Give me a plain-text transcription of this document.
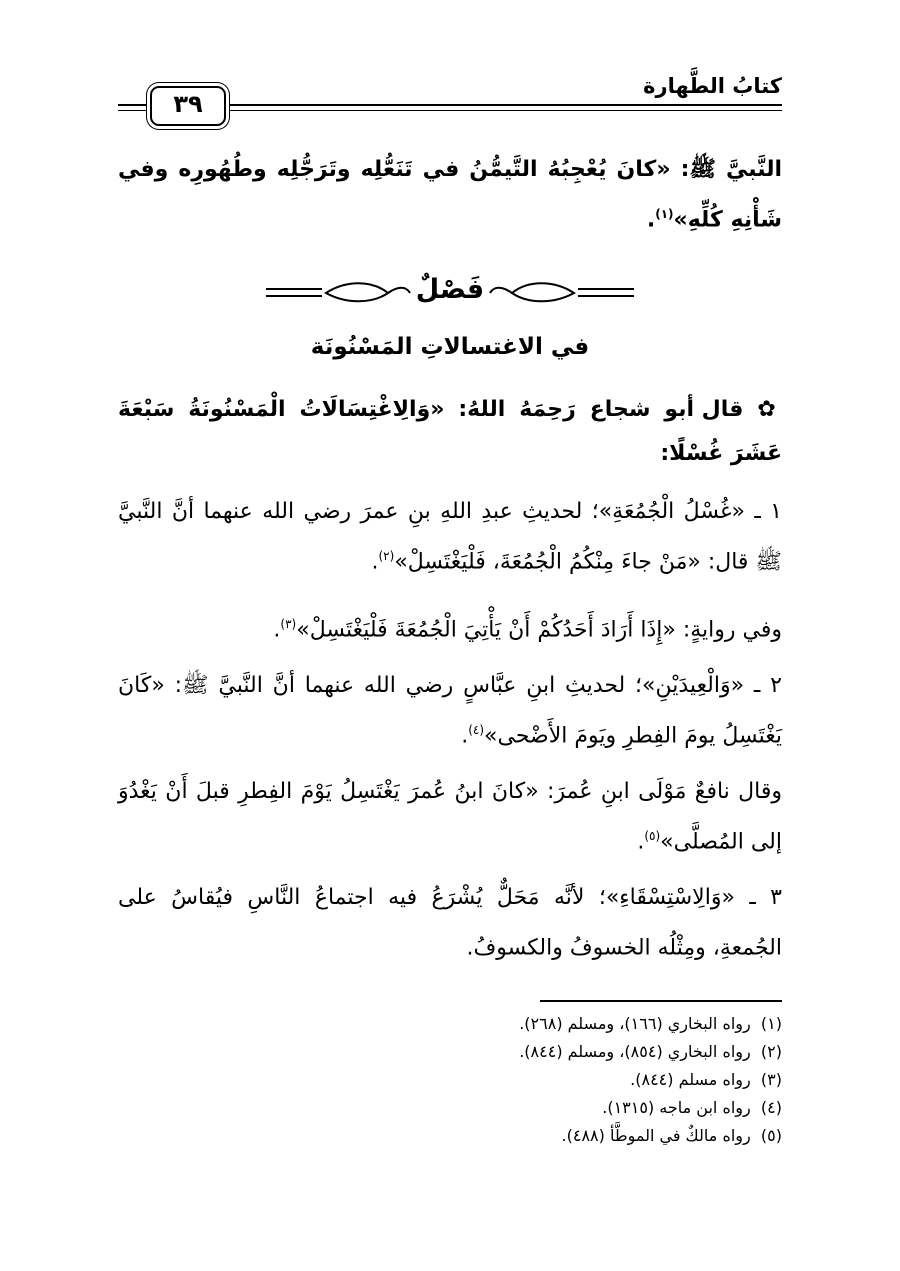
كتابُ الطَّهارة
٣٩
النَّبيَّ ﷺ: «كانَ يُعْجِبُهُ التَّيمُّنُ في تَنَعُّلِه وتَرَجُّلِه وطُهُورِه وفي شَأْنِهِ كُلِّهِ»$^{(١)}$.
فَصْلٌ
في الاغتسالاتِ المَسْنُونَة
✿ قال أبو شجاع رَحِمَهُ اللهُ: «وَالِاغْتِسَالَاتُ الْمَسْنُونَةُ سَبْعَةَ عَشَرَ غُسْلًا:
١ ـ «غُسْلُ الْجُمُعَةِ»؛ لحديثِ عبدِ اللهِ بنِ عمرَ رضي الله عنهما أنَّ النَّبيَّ ﷺ قال: «مَنْ جاءَ مِنْكُمُ الْجُمُعَةَ، فَلْيَغْتَسِلْ»$^{(٢)}$.
وفي روايةٍ: «إِذَا أَرَادَ أَحَدُكُمْ أَنْ يَأْتِيَ الْجُمُعَةَ فَلْيَغْتَسِلْ»$^{(٣)}$.
٢ ـ «وَالْعِيدَيْنِ»؛ لحديثِ ابنِ عبَّاسٍ رضي الله عنهما أنَّ النَّبيَّ ﷺ: «كَانَ يَغْتَسِلُ يومَ الفِطرِ ويَومَ الأَضْحى»$^{(٤)}$.
وقال نافعٌ مَوْلَى ابنِ عُمرَ: «كانَ ابنُ عُمرَ يَغْتَسِلُ يَوْمَ الفِطرِ قبلَ أَنْ يَغْدُوَ إلى المُصلَّى»$^{(٥)}$.
٣ ـ «وَالِاسْتِسْقَاءِ»؛ لأنَّه مَحَلٌّ يُشْرَعُ فيه اجتماعُ النَّاسِ فيُقاسُ على الجُمعةِ، ومِثْلُه الخسوفُ والكسوفُ.
(١)  رواه البخاري (١٦٦)، ومسلم (٢٦٨).
(٢)  رواه البخاري (٨٥٤)، ومسلم (٨٤٤).
(٣)  رواه مسلم (٨٤٤).
(٤)  رواه ابن ماجه (١٣١٥).
(٥)  رواه مالكٌ في الموطَّأ (٤٨٨).
